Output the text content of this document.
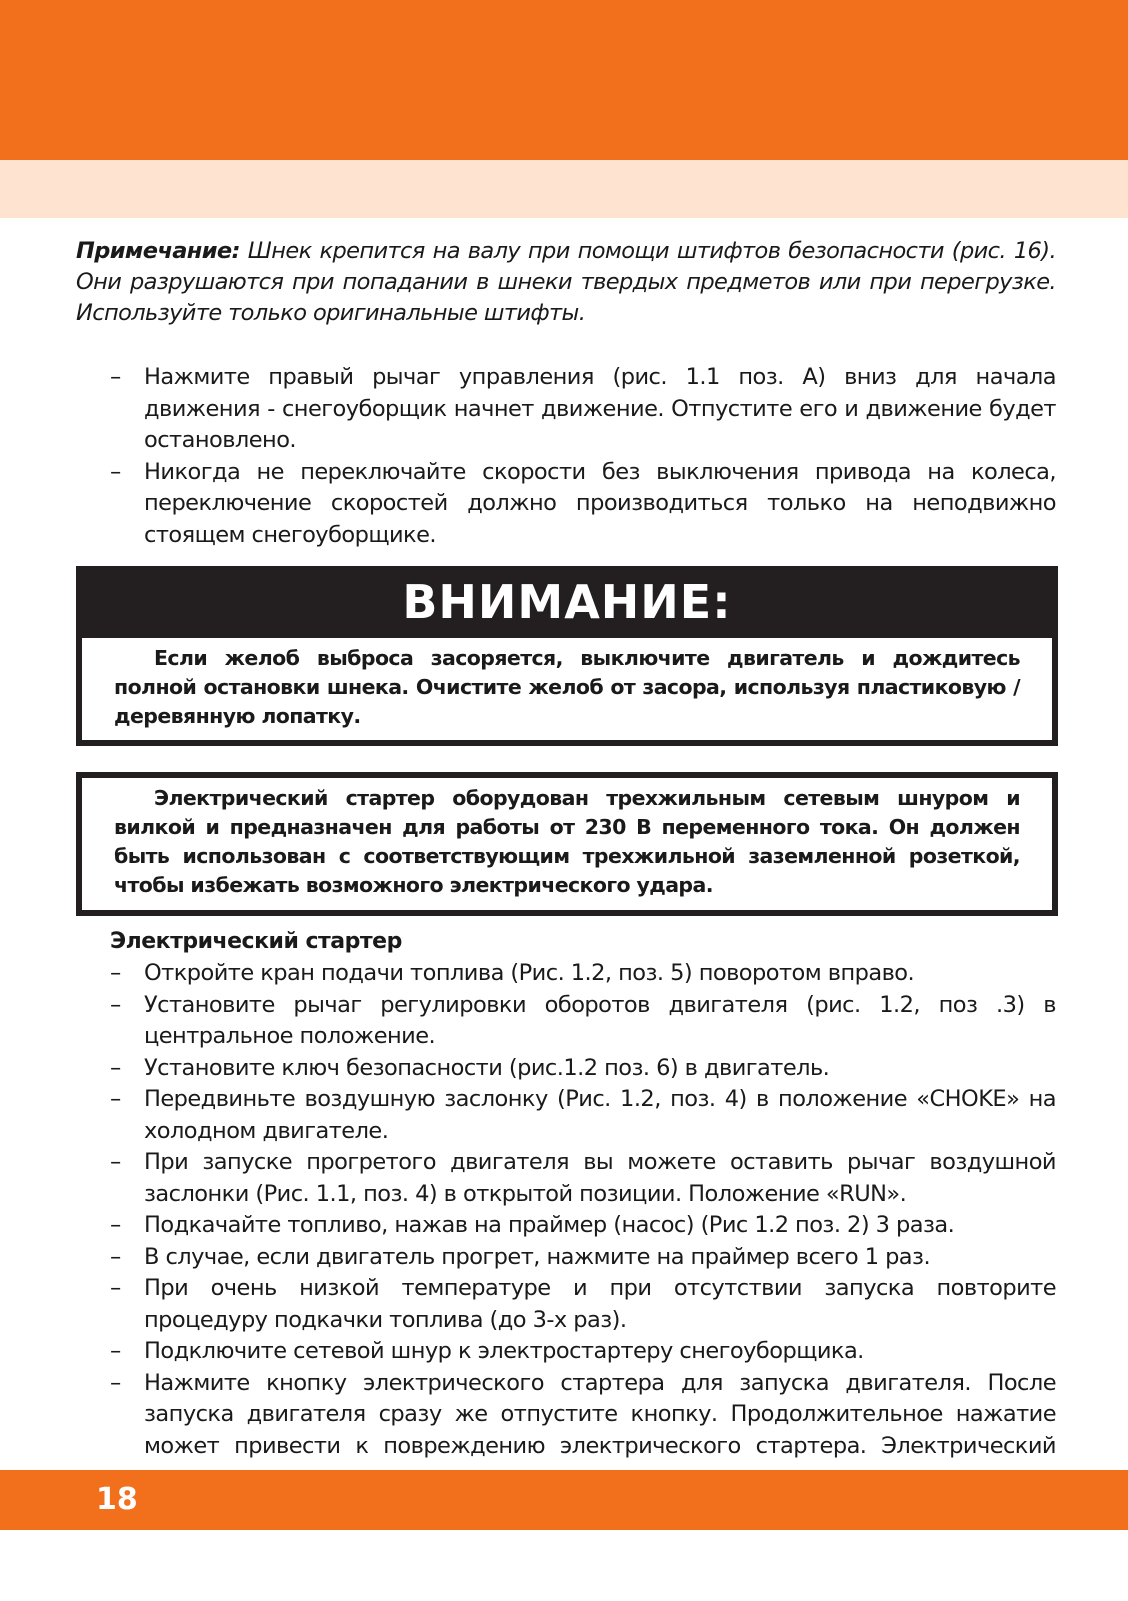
Примечание: Шнек крепится на валу при помощи штифтов безопасности (рис. 16). Они разрушаются при попадании в шнеки твердых предметов или при перегрузке. Используйте только оригинальные штифты.

– Нажмите правый рычаг управления (рис. 1.1 поз. А) вниз для начала движения - снегоуборщик начнет движение. Отпустите его и движение будет остановлено.
– Никогда не переключайте скорости без выключения привода на колеса, переключение скоростей должно производиться только на неподвижно стоящем снегоуборщике.
ВНИМАНИЕ:
Если желоб выброса засоряется, выключите двигатель и дождитесь полной остановки шнека. Очистите желоб от засора, используя пластиковую / деревянную лопатку.
Электрический стартер оборудован трехжильным сетевым шнуром и вилкой и предназначен для работы от 230 В переменного тока. Он должен быть использован с соответствующим трехжильной заземленной розеткой, чтобы избежать возможного электрического удара.

Электрический стартер

– Откройте кран подачи топлива (Рис. 1.2, поз. 5) поворотом вправо.
– Установите рычаг регулировки оборотов двигателя (рис. 1.2, поз .3) в центральное положение.
– Установите ключ безопасности (рис.1.2 поз. 6) в двигатель.
– Передвиньте воздушную заслонку (Рис. 1.2, поз. 4) в положение «CHOKE» на холодном двигателе.
– При запуске прогретого двигателя вы можете оставить рычаг воздушной заслонки (Рис. 1.1, поз. 4) в открытой позиции. Положение «RUN».
– Подкачайте топливо, нажав на праймер (насос) (Рис 1.2 поз. 2) 3 раза.
– В случае, если двигатель прогрет, нажмите на праймер всего 1 раз.
– При очень низкой температуре и при отсутствии запуска повторите процедуру подкачки топлива (до 3-х раз).
– Подключите сетевой шнур к электростартеру снегоуборщика.
– Нажмите кнопку электрического стартера для запуска двигателя. После запуска двигателя сразу же отпустите кнопку. Продолжительное нажатие может привести к повреждению электрического стартера. Электрический
18
